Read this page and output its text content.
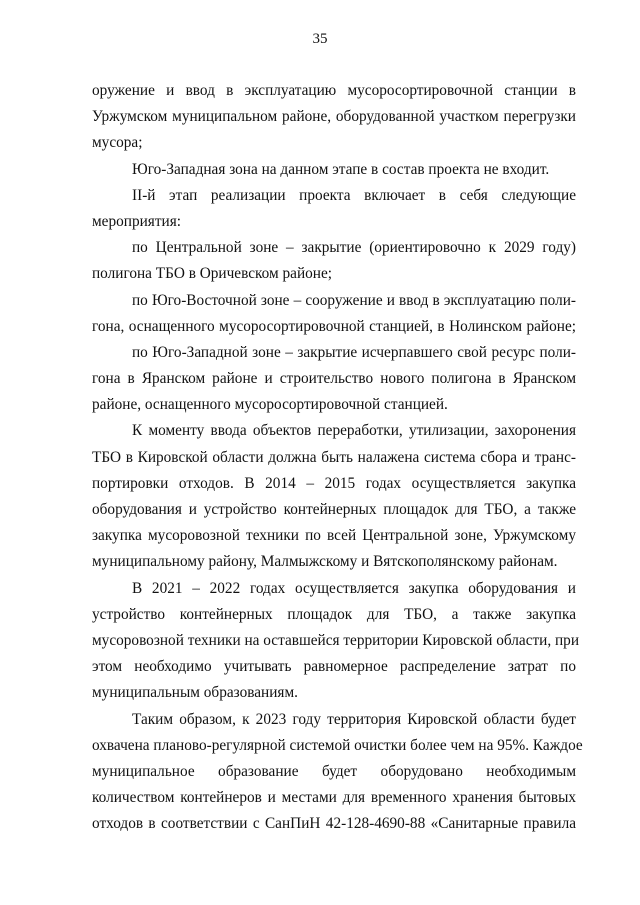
35
оружение и ввод в эксплуатацию мусоросортировочной станции в
Уржумском муниципальном районе, оборудованной участком перегрузки
мусора;
Юго-Западная зона на данном этапе в состав проекта не входит.
II-й этап реализации проекта включает в себя следующие
мероприятия:
по Центральной зоне – закрытие (ориентировочно к 2029 году)
полигона ТБО в Оричевском районе;
по Юго-Восточной зоне – сооружение и ввод в эксплуатацию поли-
гона, оснащенного мусоросортировочной станцией, в Нолинском районе;
по Юго-Западной зоне – закрытие исчерпавшего свой ресурс поли-
гона в Яранском районе и строительство нового полигона в Яранском
районе, оснащенного мусоросортировочной станцией.
К моменту ввода объектов переработки, утилизации, захоронения
ТБО в Кировской области должна быть налажена система сбора и транс-
портировки отходов. В 2014 – 2015 годах осуществляется закупка
оборудования и устройство контейнерных площадок для ТБО, а также
закупка мусоровозной техники по всей Центральной зоне, Уржумскому
муниципальному району, Малмыжскому и Вятскополянскому районам.
В 2021 – 2022 годах осуществляется закупка оборудования и
устройство контейнерных площадок для ТБО, а также закупка
мусоровозной техники на оставшейся территории Кировской области, при
этом необходимо учитывать равномерное распределение затрат по
муниципальным образованиям.
Таким образом, к 2023 году территория Кировской области будет
охвачена планово-регулярной системой очистки более чем на 95%. Каждое
муниципальное образование будет оборудовано необходимым
количеством контейнеров и местами для временного хранения бытовых
отходов в соответствии с СанПиН 42-128-4690-88 «Санитарные правила
